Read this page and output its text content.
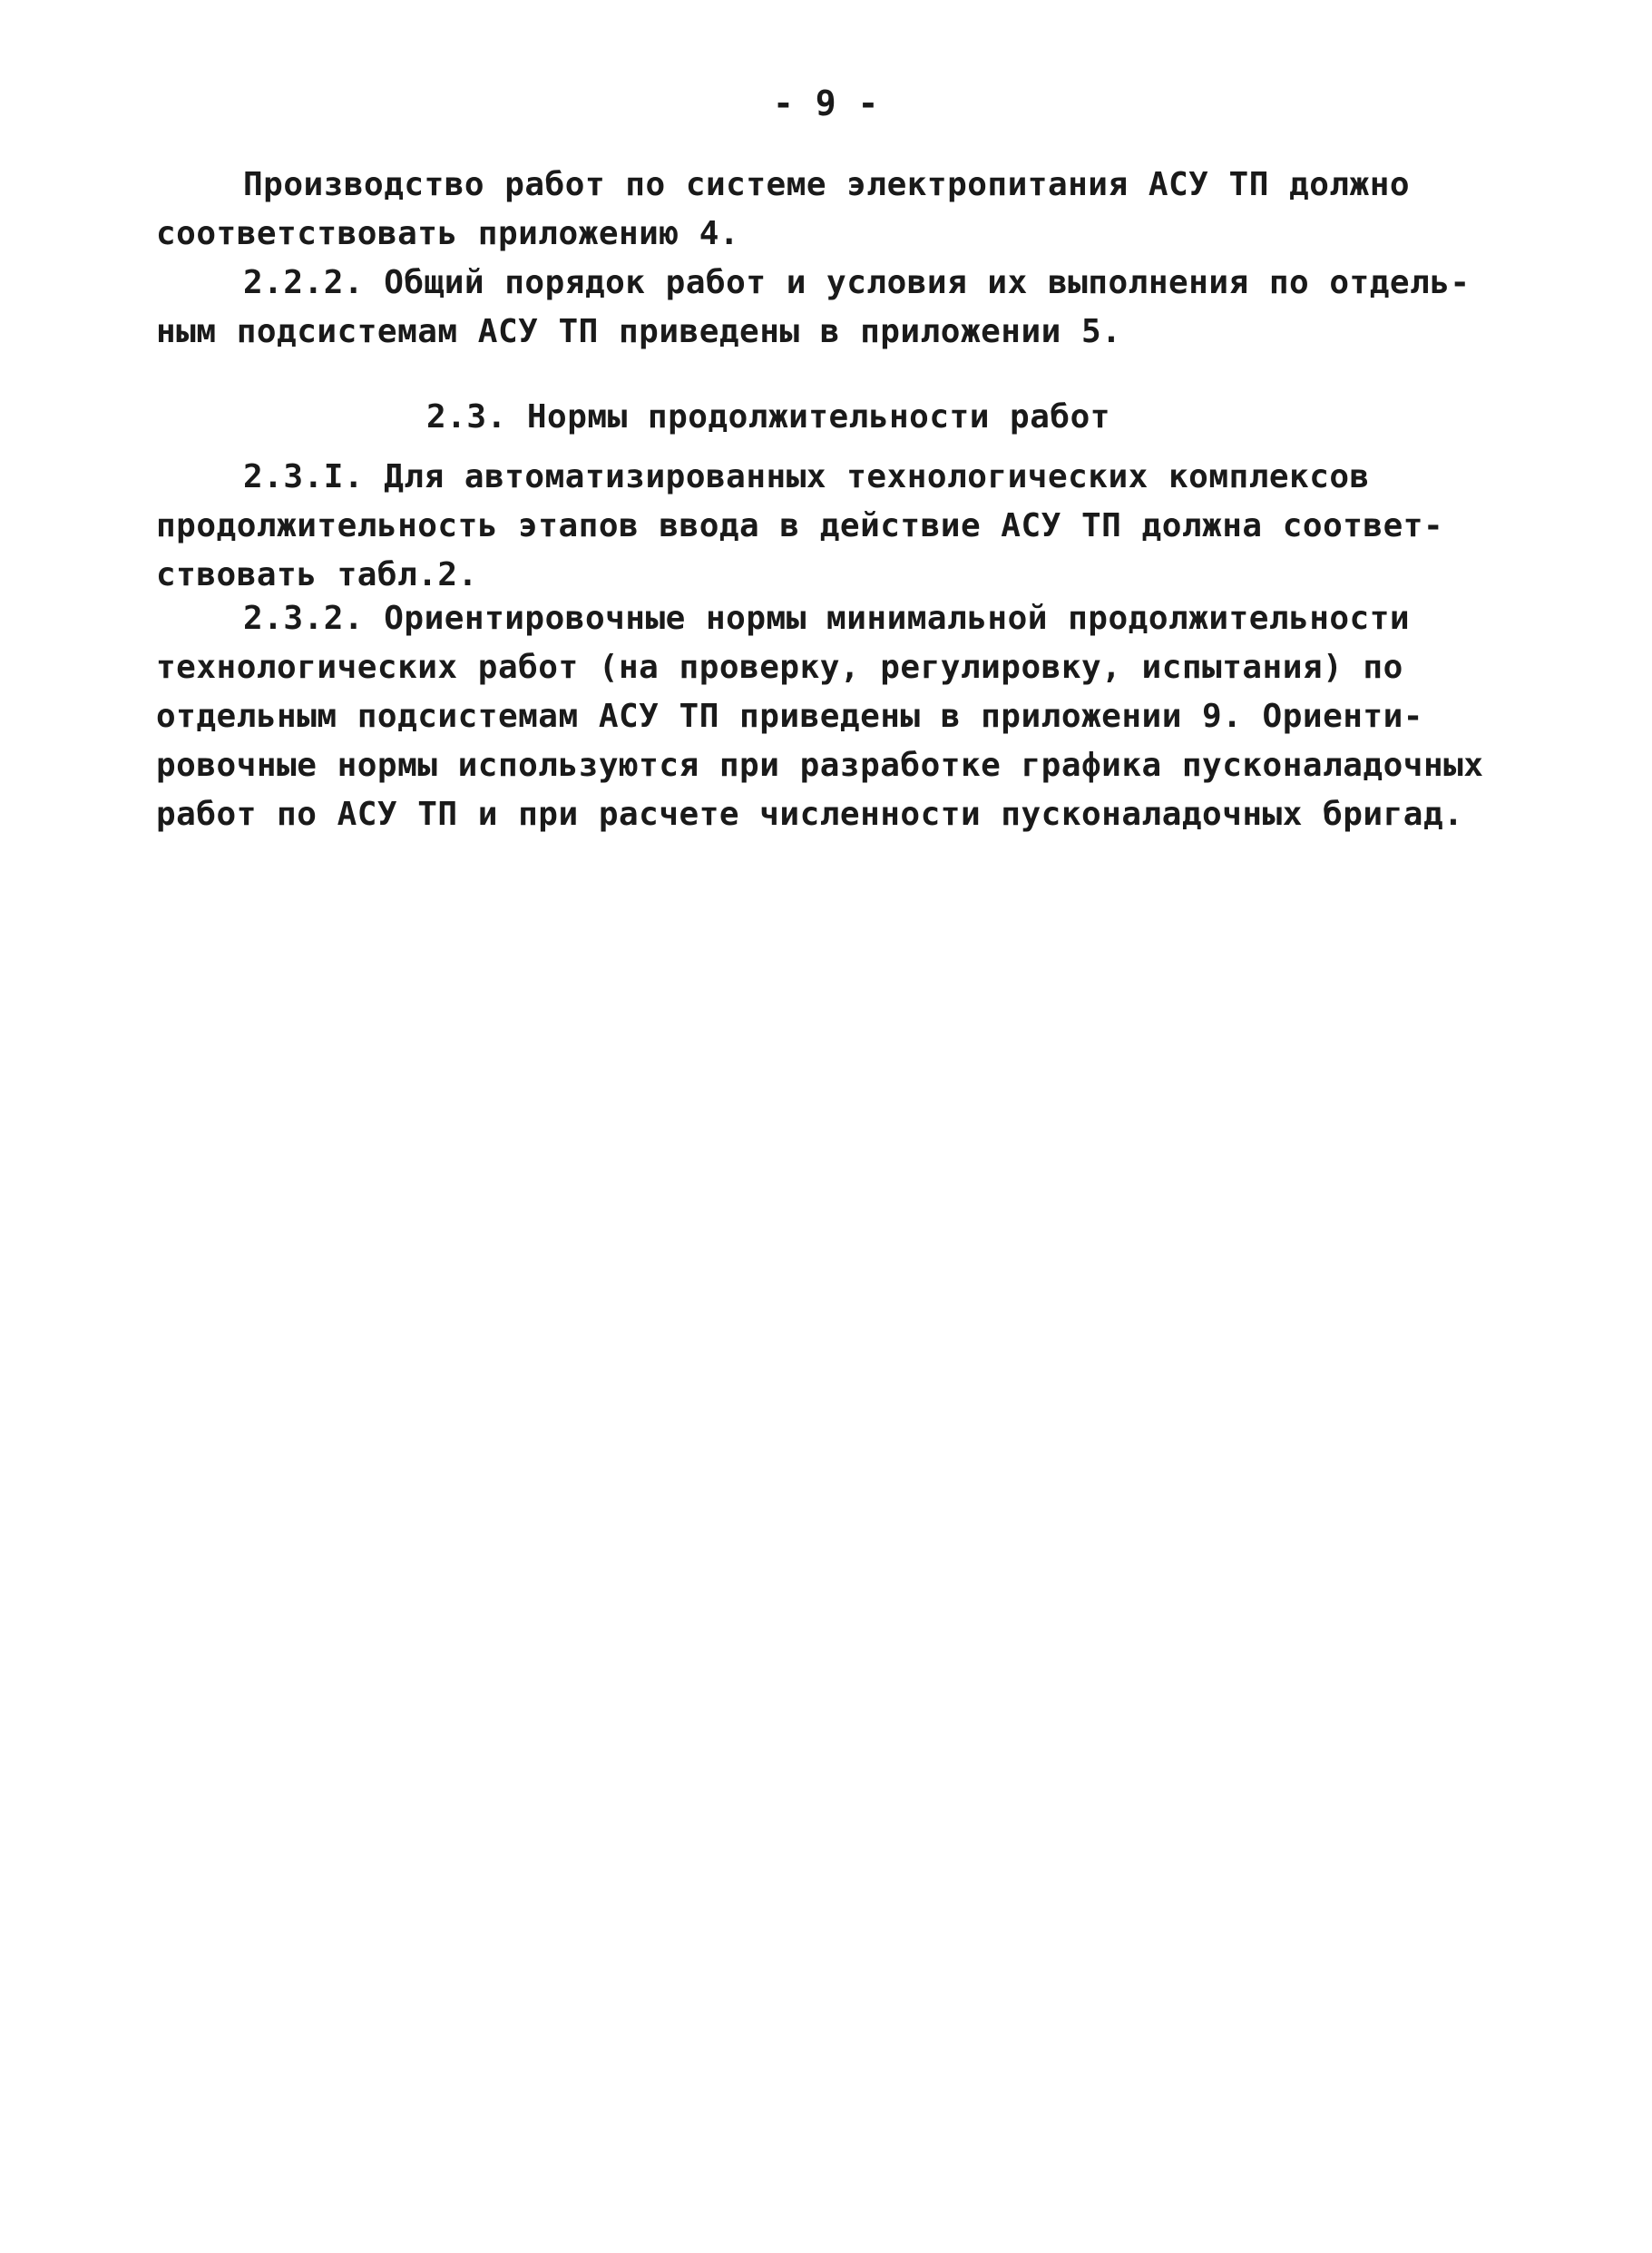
- 9 -
Производство работ по системе электропитания АСУ ТП должно
соответствовать приложению 4.
2.2.2. Общий порядок работ и условия их выполнения по отдель-
ным подсистемам АСУ ТП приведены в приложении 5.
2.3. Нормы продолжительности работ
2.3.I. Для автоматизированных технологических комплексов
продолжительность этапов ввода в действие АСУ ТП должна соответ-
ствовать табл.2.
2.3.2. Ориентировочные нормы минимальной продолжительности
технологических работ (на проверку, регулировку, испытания) по
отдельным подсистемам АСУ ТП приведены в приложении 9. Ориенти-
ровочные нормы используются при разработке графика пусконаладочных
работ по АСУ ТП и при расчете численности пусконаладочных бригад.
